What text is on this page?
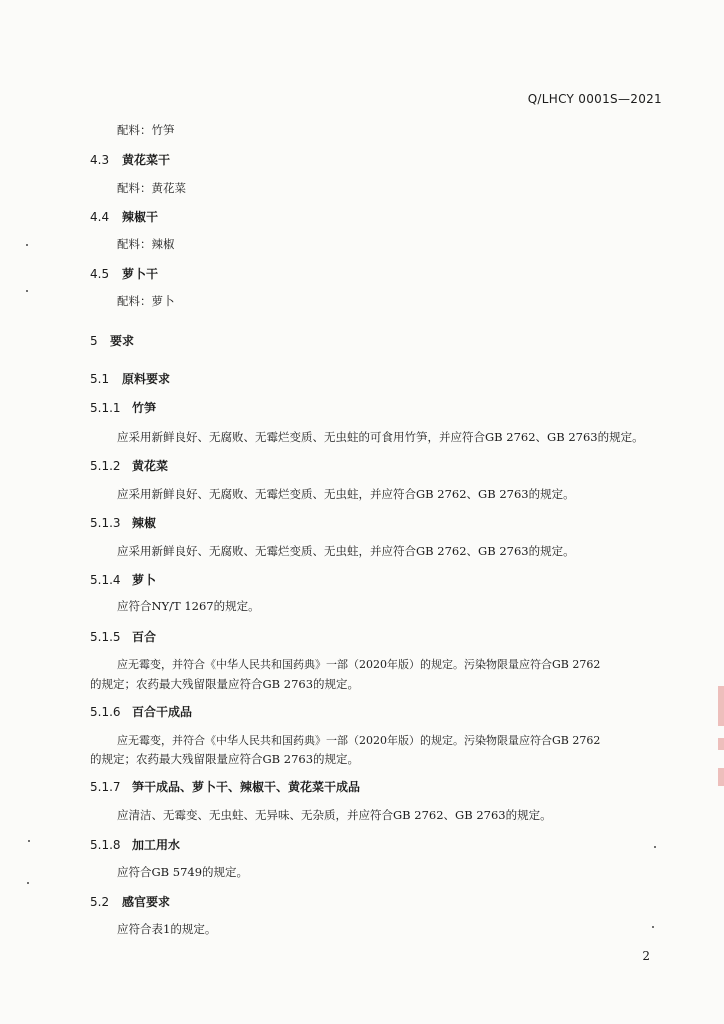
Q/LHCY 0001S—2021
配料：竹笋
4.3 黄花菜干
配料：黄花菜
4.4 辣椒干
配料：辣椒
4.5 萝卜干
配料：萝卜
5 要求
5.1 原料要求
5.1.1 竹笋
应采用新鲜良好、无腐败、无霉烂变质、无虫蛀的可食用竹笋，并应符合GB 2762、GB 2763的规定。
5.1.2 黄花菜
应采用新鲜良好、无腐败、无霉烂变质、无虫蛀，并应符合GB 2762、GB 2763的规定。
5.1.3 辣椒
应采用新鲜良好、无腐败、无霉烂变质、无虫蛀，并应符合GB 2762、GB 2763的规定。
5.1.4 萝卜
应符合NY/T 1267的规定。
5.1.5 百合
应无霉变，并符合《中华人民共和国药典》一部（2020年版）的规定。污染物限量应符合GB 2762
的规定；农药最大残留限量应符合GB 2763的规定。
5.1.6 百合干成品
应无霉变，并符合《中华人民共和国药典》一部（2020年版）的规定。污染物限量应符合GB 2762
的规定；农药最大残留限量应符合GB 2763的规定。
5.1.7 笋干成品、萝卜干、辣椒干、黄花菜干成品
应清洁、无霉变、无虫蛀、无异味、无杂质，并应符合GB 2762、GB 2763的规定。
5.1.8 加工用水
应符合GB 5749的规定。
5.2 感官要求
应符合表1的规定。
2
